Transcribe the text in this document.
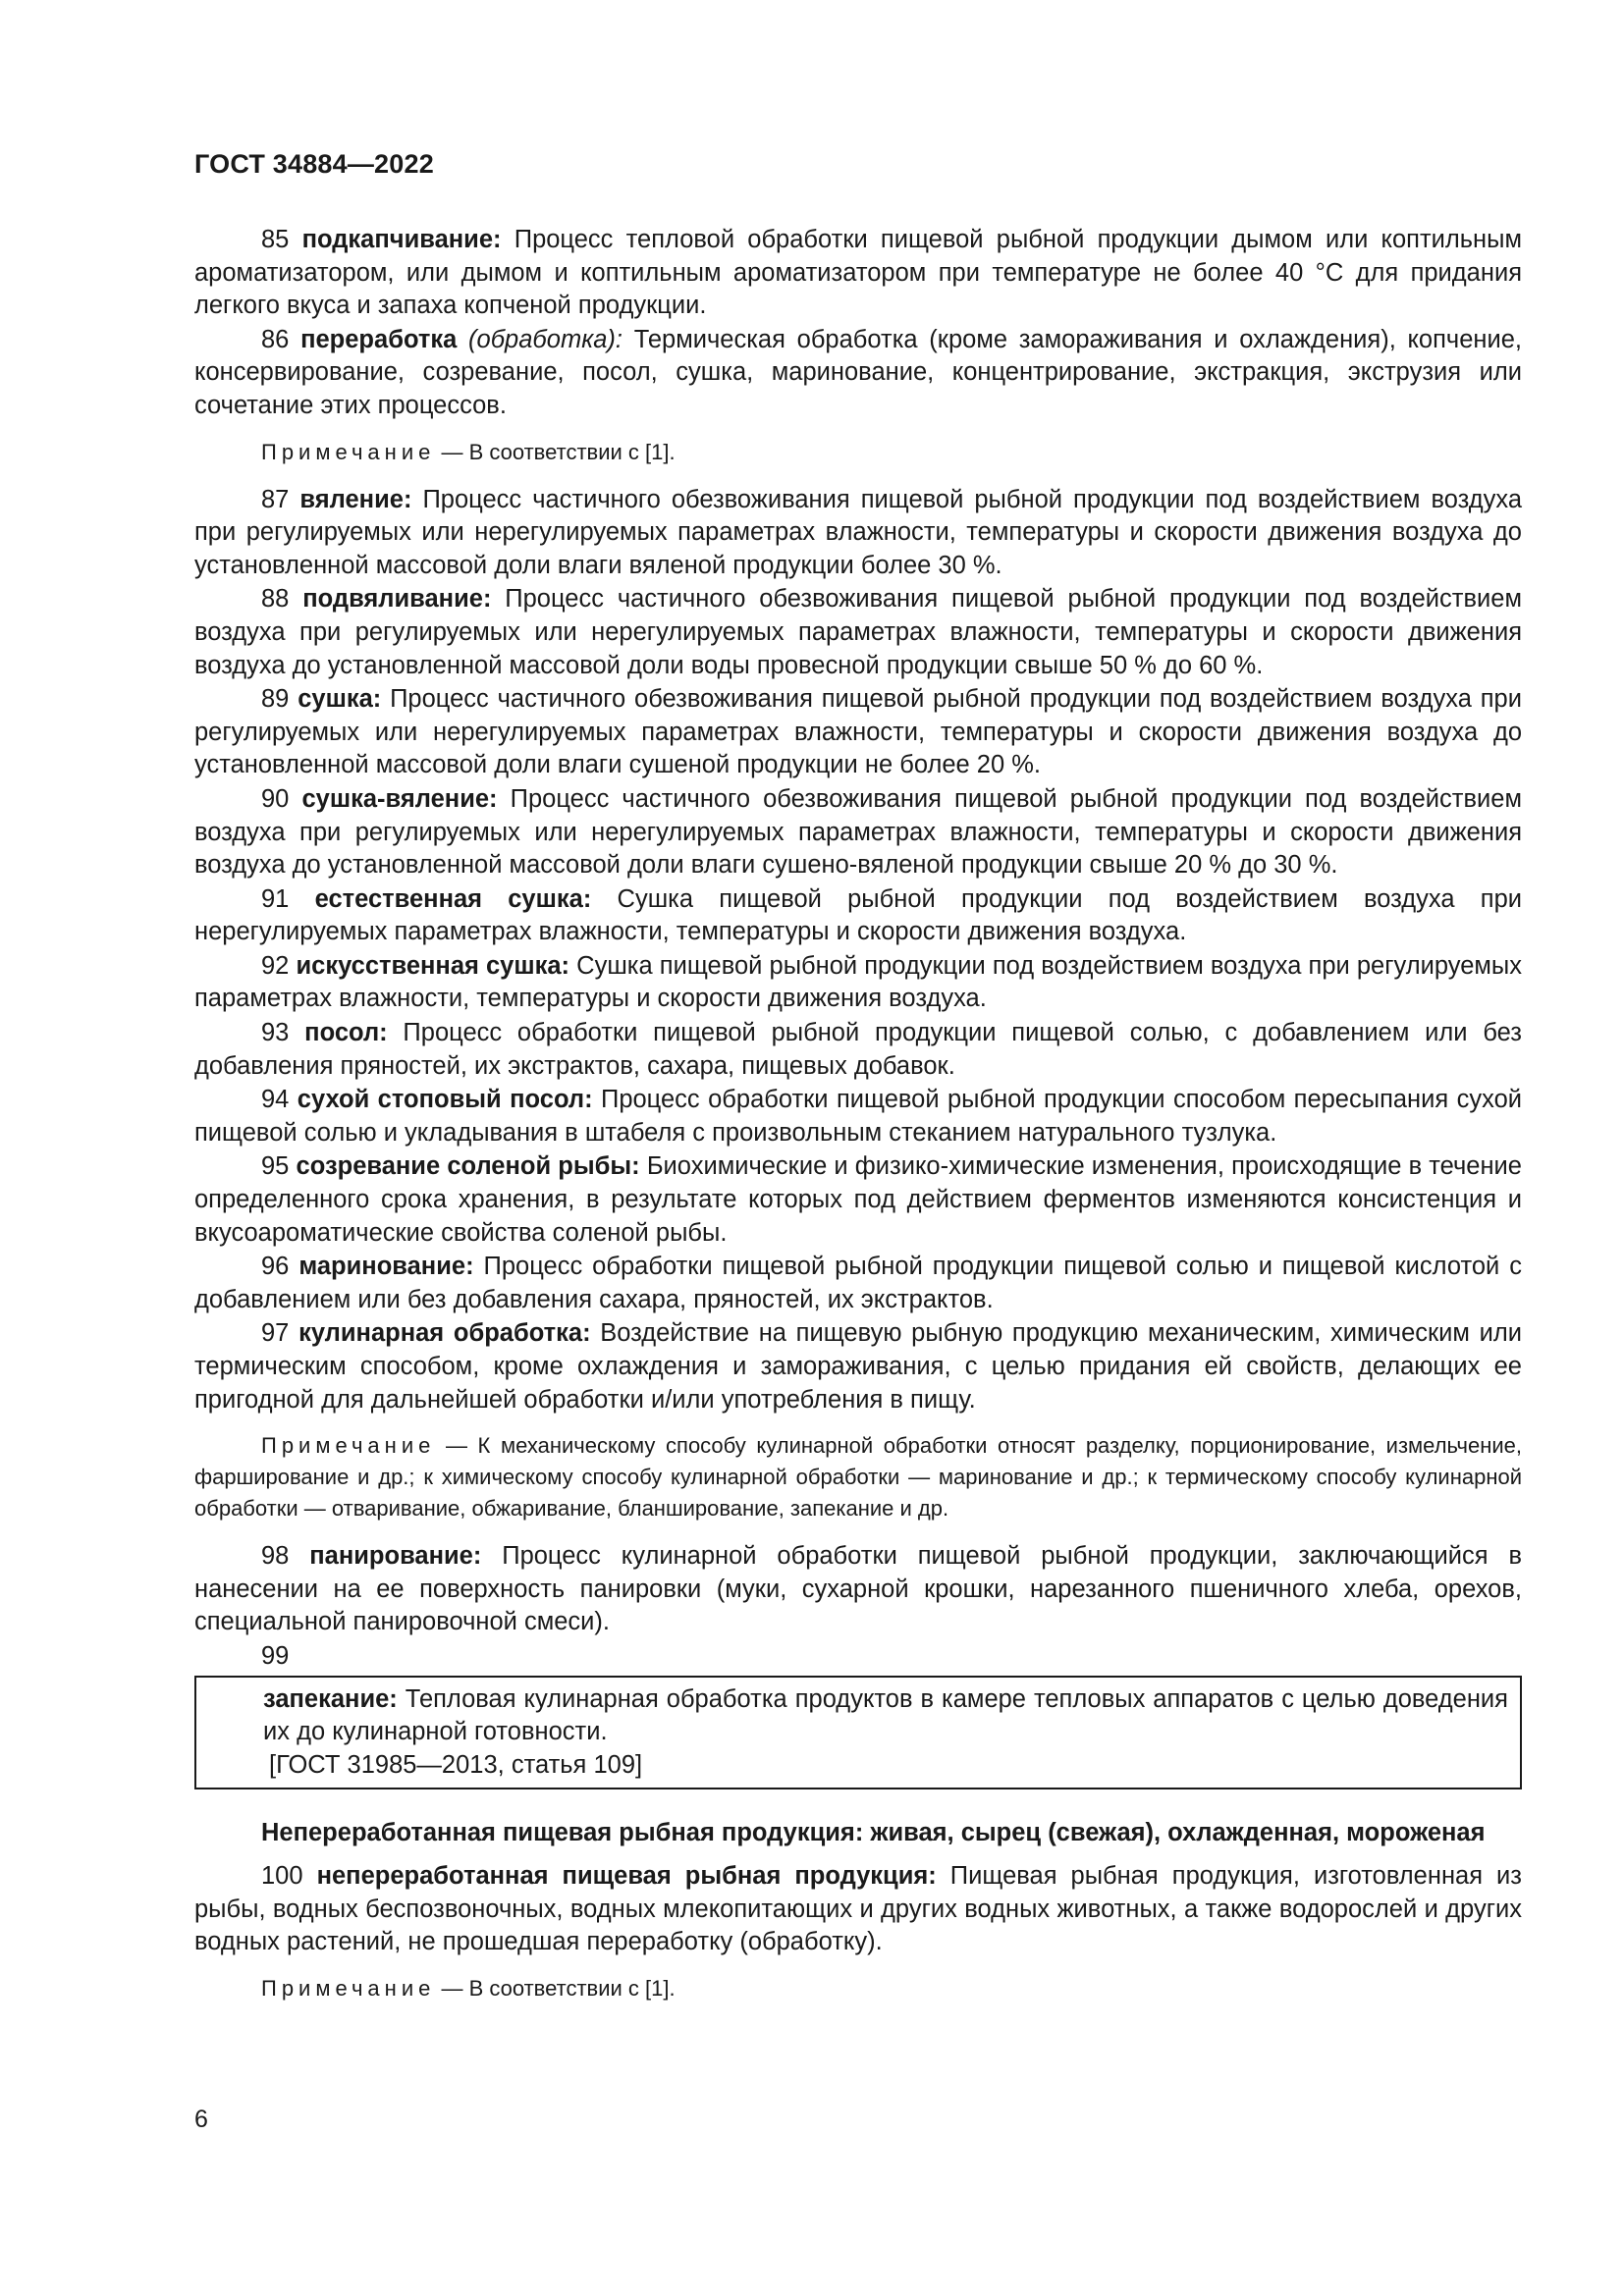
ГОСТ 34884—2022

85 подкапчивание: Процесс тепловой обработки пищевой рыбной продукции дымом или коптильным ароматизатором, или дымом и коптильным ароматизатором при температуре не более 40 °С для придания легкого вкуса и запаха копченой продукции.

86 переработка (обработка): Термическая обработка (кроме замораживания и охлаждения), копчение, консервирование, созревание, посол, сушка, маринование, концентрирование, экстракция, экструзия или сочетание этих процессов.

Примечание — В соответствии с [1].

87 вяление: Процесс частичного обезвоживания пищевой рыбной продукции под воздействием воздуха при регулируемых или нерегулируемых параметрах влажности, температуры и скорости движения воздуха до установленной массовой доли влаги вяленой продукции более 30 %.

88 подвяливание: Процесс частичного обезвоживания пищевой рыбной продукции под воздействием воздуха при регулируемых или нерегулируемых параметрах влажности, температуры и скорости движения воздуха до установленной массовой доли воды провесной продукции свыше 50 % до 60 %.

89 сушка: Процесс частичного обезвоживания пищевой рыбной продукции под воздействием воздуха при регулируемых или нерегулируемых параметрах влажности, температуры и скорости движения воздуха до установленной массовой доли влаги сушеной продукции не более 20 %.

90 сушка-вяление: Процесс частичного обезвоживания пищевой рыбной продукции под воздействием воздуха при регулируемых или нерегулируемых параметрах влажности, температуры и скорости движения воздуха до установленной массовой доли влаги сушено-вяленой продукции свыше 20 % до 30 %.

91 естественная сушка: Сушка пищевой рыбной продукции под воздействием воздуха при нерегулируемых параметрах влажности, температуры и скорости движения воздуха.

92 искусственная сушка: Сушка пищевой рыбной продукции под воздействием воздуха при регулируемых параметрах влажности, температуры и скорости движения воздуха.

93 посол: Процесс обработки пищевой рыбной продукции пищевой солью, с добавлением или без добавления пряностей, их экстрактов, сахара, пищевых добавок.

94 сухой стоповый посол: Процесс обработки пищевой рыбной продукции способом пересыпания сухой пищевой солью и укладывания в штабеля с произвольным стеканием натурального тузлука.

95 созревание соленой рыбы: Биохимические и физико-химические изменения, происходящие в течение определенного срока хранения, в результате которых под действием ферментов изменяются консистенция и вкусоароматические свойства соленой рыбы.

96 маринование: Процесс обработки пищевой рыбной продукции пищевой солью и пищевой кислотой с добавлением или без добавления сахара, пряностей, их экстрактов.

97 кулинарная обработка: Воздействие на пищевую рыбную продукцию механическим, химическим или термическим способом, кроме охлаждения и замораживания, с целью придания ей свойств, делающих ее пригодной для дальнейшей обработки и/или употребления в пищу.

Примечание — К механическому способу кулинарной обработки относят разделку, порционирование, измельчение, фарширование и др.; к химическому способу кулинарной обработки — маринование и др.; к термическому способу кулинарной обработки — отваривание, обжаривание, бланширование, запекание и др.

98 панирование: Процесс кулинарной обработки пищевой рыбной продукции, заключающийся в нанесении на ее поверхность панировки (муки, сухарной крошки, нарезанного пшеничного хлеба, орехов, специальной панировочной смеси).

99

запекание: Тепловая кулинарная обработка продуктов в камере тепловых аппаратов с целью доведения их до кулинарной готовности.

[ГОСТ 31985—2013, статья 109]

Непереработанная пищевая рыбная продукция: живая, сырец (свежая), охлажденная, мороженая

100 непереработанная пищевая рыбная продукция: Пищевая рыбная продукция, изготовленная из рыбы, водных беспозвоночных, водных млекопитающих и других водных животных, а также водорослей и других водных растений, не прошедшая переработку (обработку).

Примечание — В соответствии с [1].

6
